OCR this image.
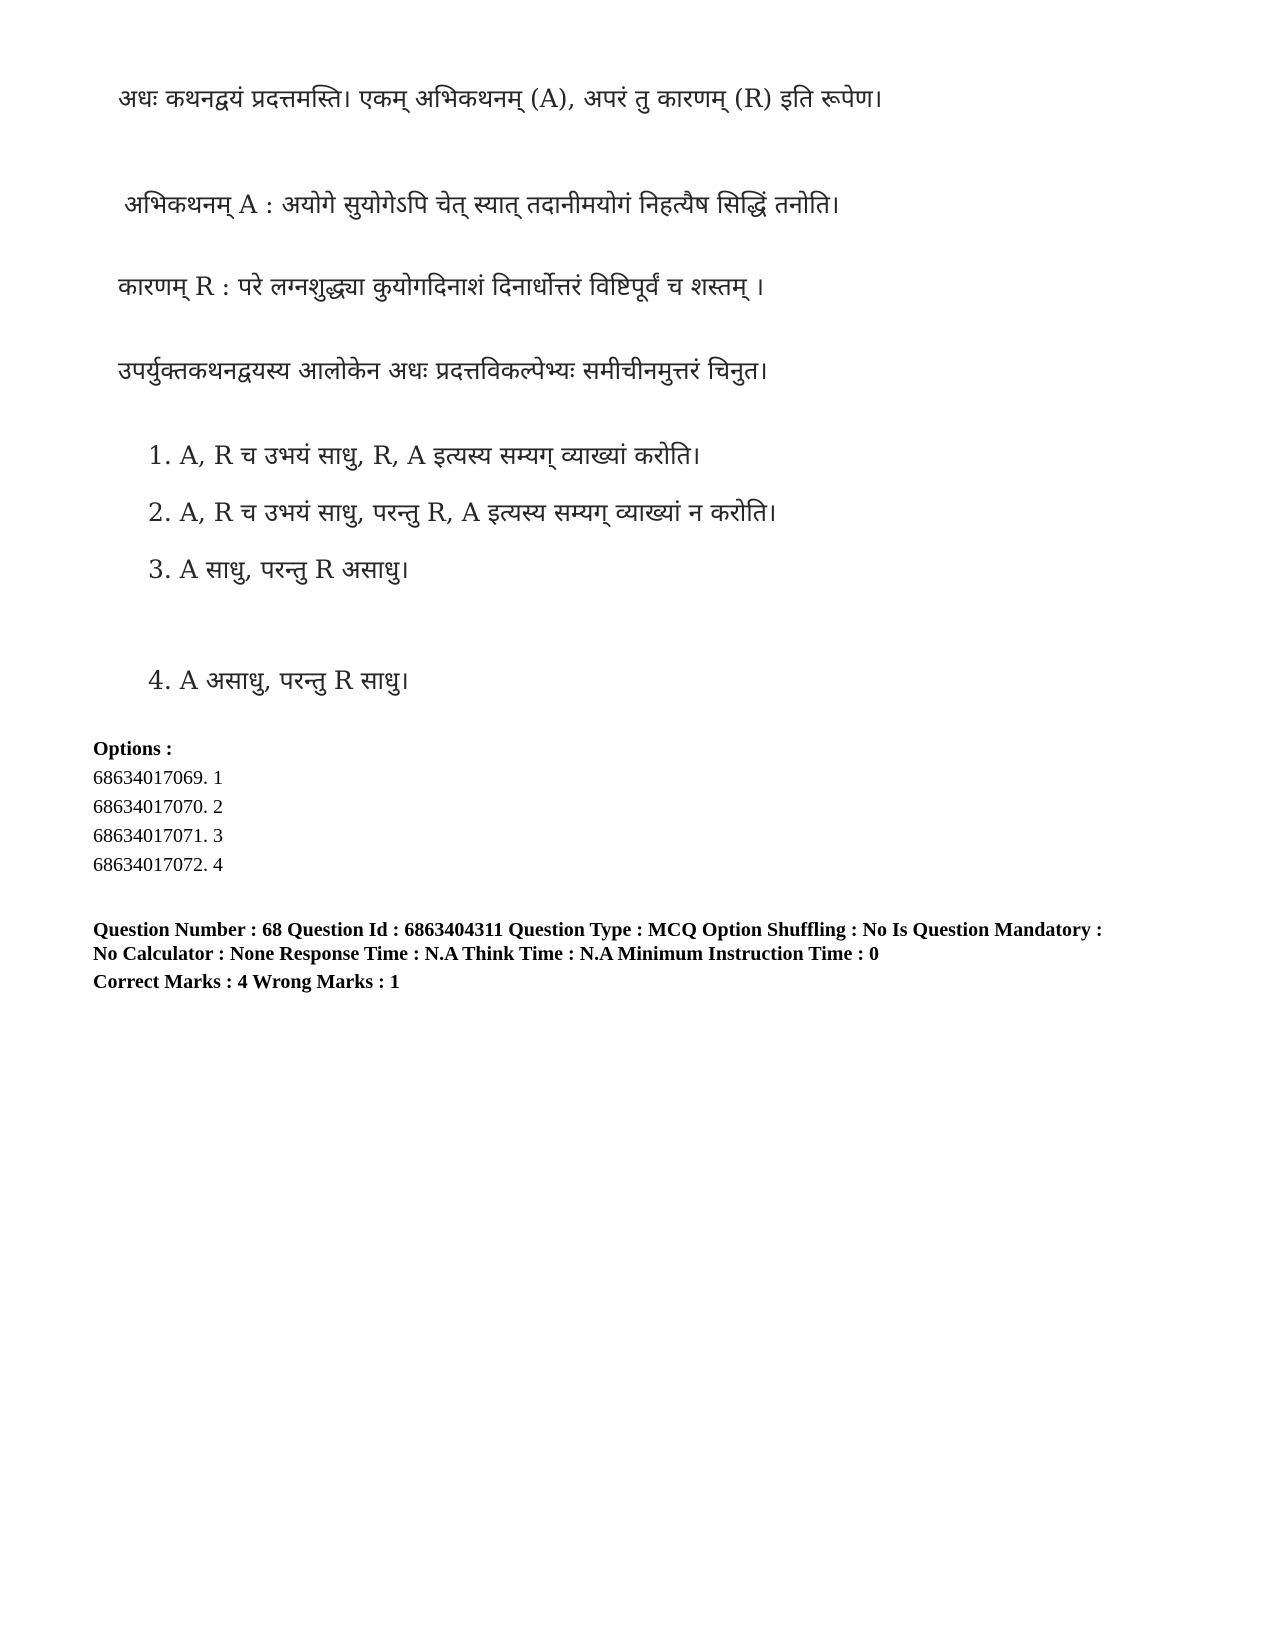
अधः कथनद्वयं प्रदत्तमस्ति। एकम् अभिकथनम् (A), अपरं तु कारणम् (R) इति रूपेण।
अभिकथनम् A : अयोगे सुयोगेऽपि चेत् स्यात् तदानीमयोगं निहत्यैष सिद्धिं तनोति।
कारणम् R : परे लग्नशुद्ध्या कुयोगदिनाशं दिनार्धोत्तरं विष्टिपूर्वं च शस्तम् ।
उपर्युक्तकथनद्वयस्य आलोकेन अधः प्रदत्तविकल्पेभ्यः समीचीनमुत्तरं चिनुत।
1. A, R च उभयं साधु, R, A इत्यस्य सम्यग् व्याख्यां करोति।
2. A, R च उभयं साधु, परन्तु R, A इत्यस्य सम्यग् व्याख्यां न करोति।
3. A साधु, परन्तु R असाधु।
4. A असाधु, परन्तु R साधु।
Options :
68634017069. 1
68634017070. 2
68634017071. 3
68634017072. 4
Question Number : 68 Question Id : 6863404311 Question Type : MCQ Option Shuffling : No Is Question Mandatory :
No Calculator : None Response Time : N.A Think Time : N.A Minimum Instruction Time : 0
Correct Marks : 4 Wrong Marks : 1
